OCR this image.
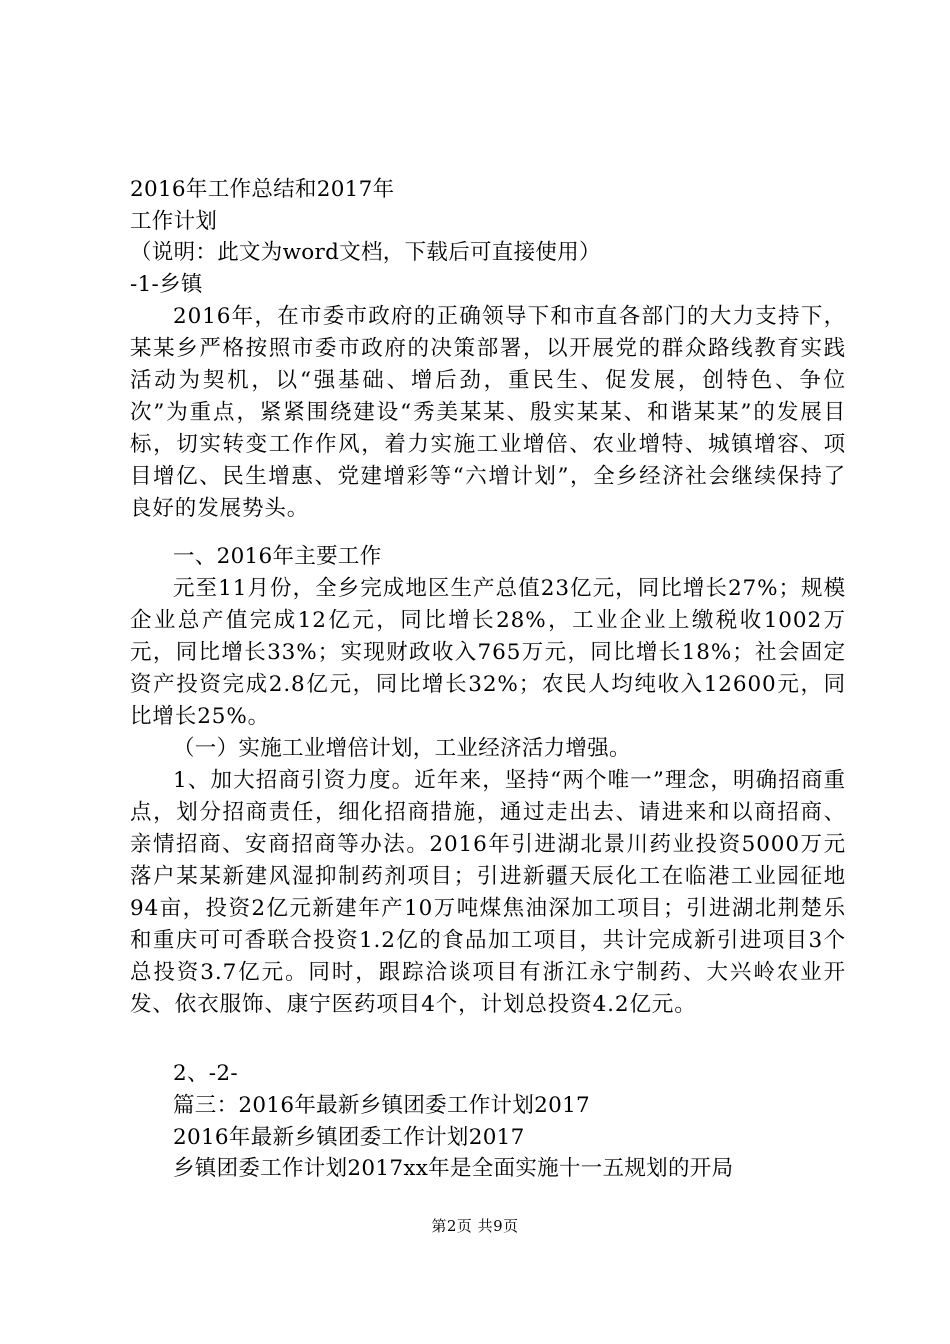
2016年工作总结和2017年
工作计划
（说明：此文为word文档，下载后可直接使用）
-1-乡镇
2016年，在市委市政府的正确领导下和市直各部门的大力支持下，某某乡严格按照市委市政府的决策部署，以开展党的群众路线教育实践活动为契机，以“强基础、增后劲，重民生、促发展，创特色、争位次”为重点，紧紧围绕建设“秀美某某、殷实某某、和谐某某”的发展目标，切实转变工作作风，着力实施工业增倍、农业增特、城镇增容、项目增亿、民生增惠、党建增彩等“六增计划”，全乡经济社会继续保持了良好的发展势头。
一、2016年主要工作
元至11月份，全乡完成地区生产总值23亿元，同比增长27%；规模企业总产值完成12亿元，同比增长28%，工业企业上缴税收1002万元，同比增长33%；实现财政收入765万元，同比增长18%；社会固定资产投资完成2.8亿元，同比增长32%；农民人均纯收入12600元，同比增长25%。
（一）实施工业增倍计划，工业经济活力增强。
1、加大招商引资力度。近年来，坚持“两个唯一”理念，明确招商重点，划分招商责任，细化招商措施，通过走出去、请进来和以商招商、亲情招商、安商招商等办法。2016年引进湖北景川药业投资5000万元落户某某新建风湿抑制药剂项目；引进新疆天辰化工在临港工业园征地94亩，投资2亿元新建年产10万吨煤焦油深加工项目；引进湖北荆楚乐和重庆可可香联合投资1.2亿的食品加工项目，共计完成新引进项目3个总投资3.7亿元。同时，跟踪洽谈项目有浙江永宁制药、大兴岭农业开发、依衣服饰、康宁医药项目4个，计划总投资4.2亿元。
2、-2-
篇三：2016年最新乡镇团委工作计划2017
2016年最新乡镇团委工作计划2017
乡镇团委工作计划2017xx年是全面实施十一五规划的开局
第2页 共9页
